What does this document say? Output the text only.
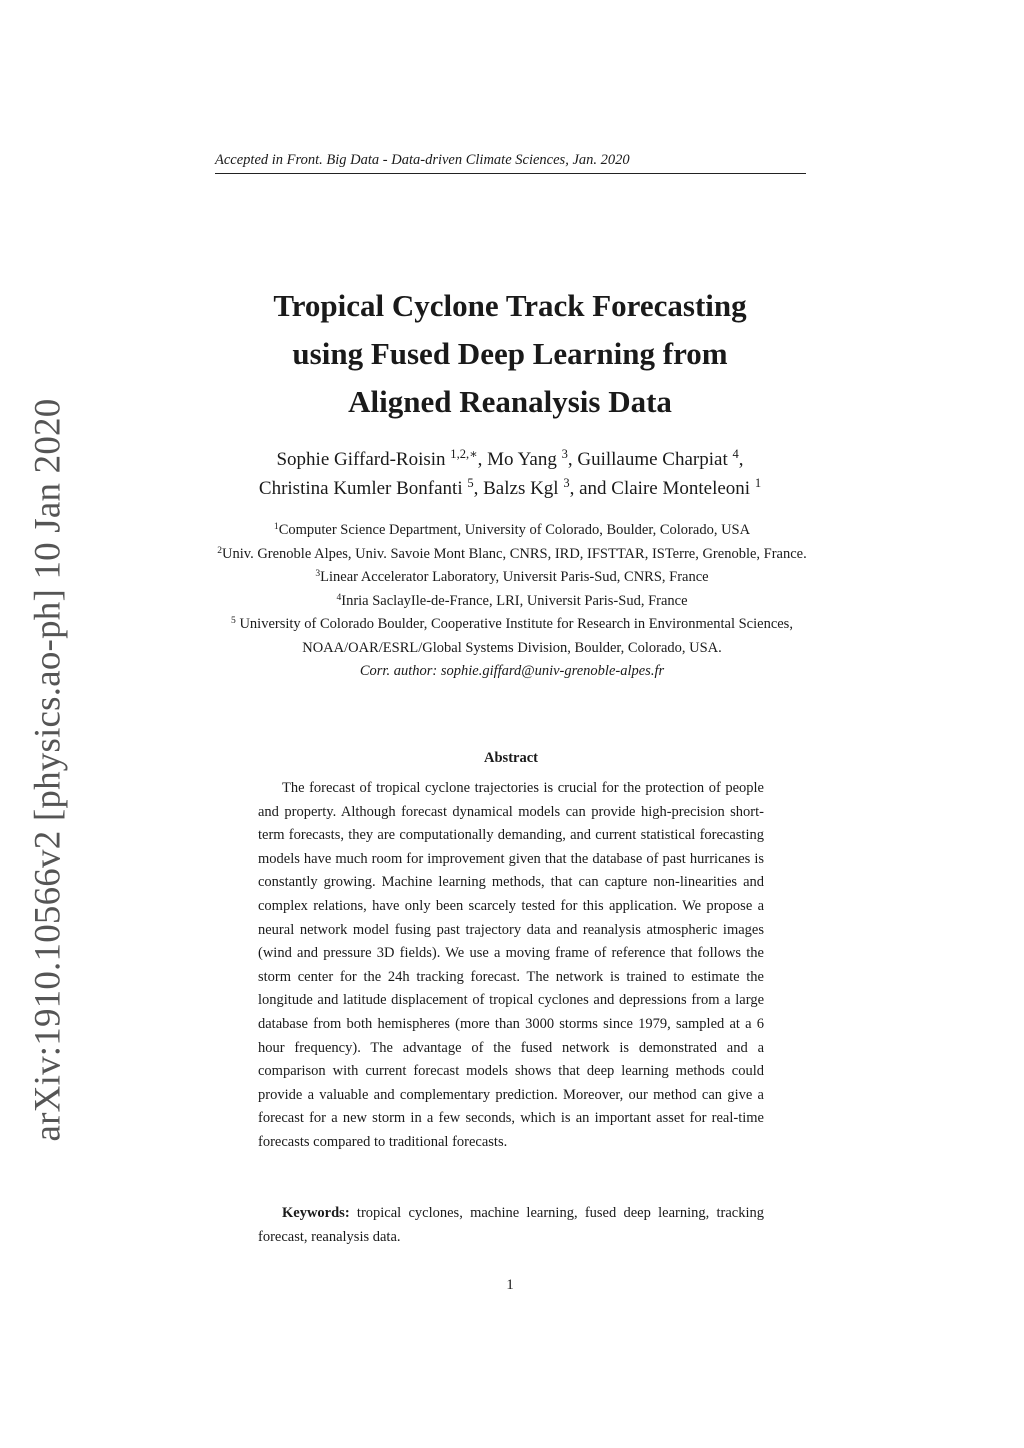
arXiv:1910.10566v2 [physics.ao-ph] 10 Jan 2020
Accepted in Front. Big Data - Data-driven Climate Sciences, Jan. 2020
Tropical Cyclone Track Forecasting
using Fused Deep Learning from
Aligned Reanalysis Data
Sophie Giffard-Roisin $^{1,2,∗}$, Mo Yang $^3$, Guillaume Charpiat $^4$,
Christina Kumler Bonfanti $^5$, Balzs Kgl $^3$, and Claire Monteleoni $^1$
$^1$Computer Science Department, University of Colorado, Boulder, Colorado, USA
$^2$Univ. Grenoble Alpes, Univ. Savoie Mont Blanc, CNRS, IRD, IFSTTAR, ISTerre, Grenoble, France.
$^3$Linear Accelerator Laboratory, Universit Paris-Sud, CNRS, France
$^4$Inria SaclayIle-de-France, LRI, Universit Paris-Sud, France
$^5$ University of Colorado Boulder, Cooperative Institute for Research in Environmental Sciences, NOAA/OAR/ESRL/Global Systems Division, Boulder, Colorado, USA.
Corr. author: sophie.giffard@univ-grenoble-alpes.fr
Abstract

The forecast of tropical cyclone trajectories is crucial for the protection of people and property. Although forecast dynamical models can provide high-precision short-term forecasts, they are computationally demanding, and current statistical forecasting models have much room for improvement given that the database of past hurricanes is constantly growing. Machine learning methods, that can capture non-linearities and complex relations, have only been scarcely tested for this application. We propose a neural network model fusing past trajectory data and reanalysis atmospheric images (wind and pressure 3D fields). We use a moving frame of reference that follows the storm center for the 24h tracking forecast. The network is trained to estimate the longitude and latitude displacement of tropical cyclones and depressions from a large database from both hemispheres (more than 3000 storms since 1979, sampled at a 6 hour frequency). The advantage of the fused network is demonstrated and a comparison with current forecast models shows that deep learning methods could provide a valuable and complementary prediction. Moreover, our method can give a forecast for a new storm in a few seconds, which is an important asset for real-time forecasts compared to traditional forecasts.

Keywords: tropical cyclones, machine learning, fused deep learning, tracking forecast, reanalysis data.

1
